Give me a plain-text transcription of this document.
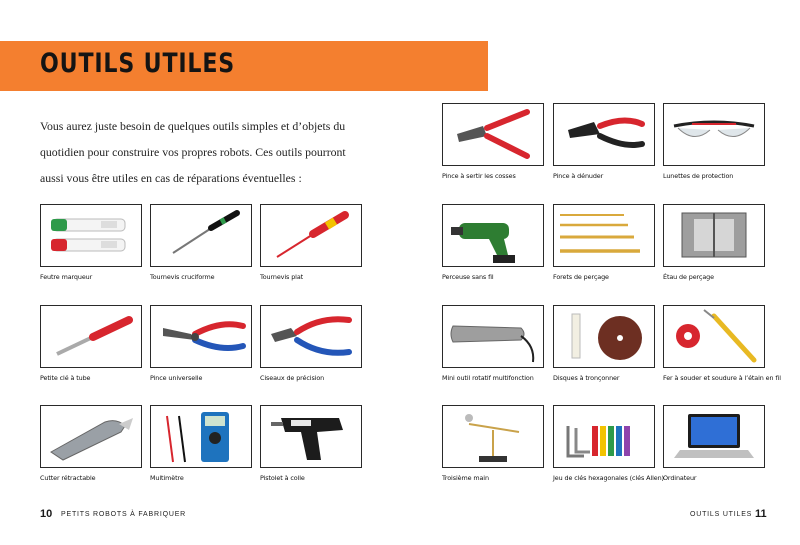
OUTILS UTILES
Vous aurez juste besoin de quelques outils simples et d’objets du quotidien pour construire vos propres robots. Ces outils pourront aussi vous être utiles en cas de réparations éventuelles :
Feutre marqueur	Tournevis cruciforme	Tournevis plat
Petite clé à tube	Pince universelle	Ciseaux de précision
Cutter rétractable	Multimètre	Pistolet à colle
Pince à sertir les cosses	Pince à dénuder	Lunettes de protection
Perceuse sans fil	Forets de perçage	Étau de perçage
Mini outil rotatif multifonction	Disques à tronçonner	Fer à souder et soudure à l’étain en fil
Troisième main	Jeu de clés hexagonales (clés Allen) Ordinateur
10 PETITS ROBOTS À FABRIQUER	OUTILS UTILES 11
